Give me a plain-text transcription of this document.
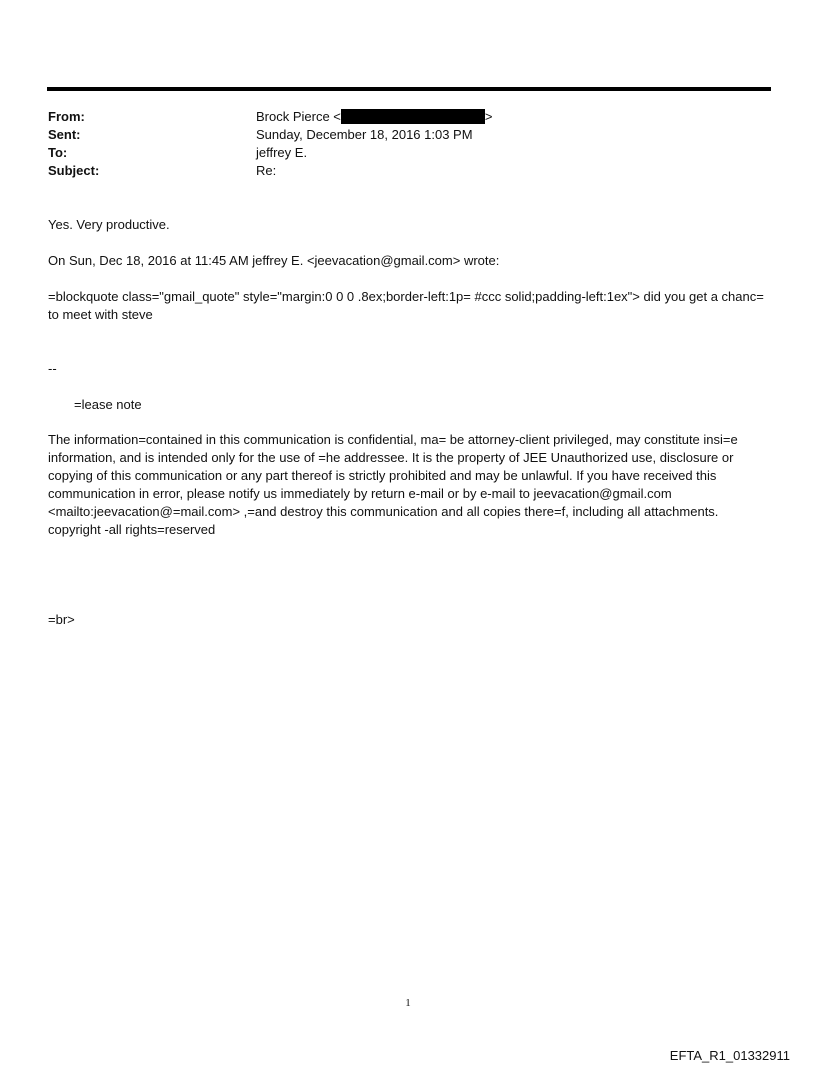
From:	Brock Pierce <	>
Sent:	Sunday, December 18, 2016 1:03 PM
To:	jeffrey E.
Subject:	Re:

Yes. Very productive.

On Sun, Dec 18, 2016 at 11:45 AM jeffrey E. <jeevacation@gmail.com> wrote:

=blockquote class="gmail_quote" style="margin:0 0 0 .8ex;border-left:1p= #ccc solid;padding-left:1ex"> did you get a chanc= to meet with steve

--

=lease note

The information=contained in this communication is confidential, ma= be attorney-client privileged, may constitute insi=e information, and is intended only for the use of =he addressee. It is the property of JEE Unauthorized use, disclosure or copying of this communication or any part thereof is strictly prohibited and may be unlawful. If you have received this communication in error, please notify us immediately by return e-mail or by e-mail to jeevacation@gmail.com <mailto:jeevacation@=mail.com> ,=and destroy this communication and all copies there=f, including all attachments. copyright -all rights=reserved

=br>

1
EFTA_R1_01332911
